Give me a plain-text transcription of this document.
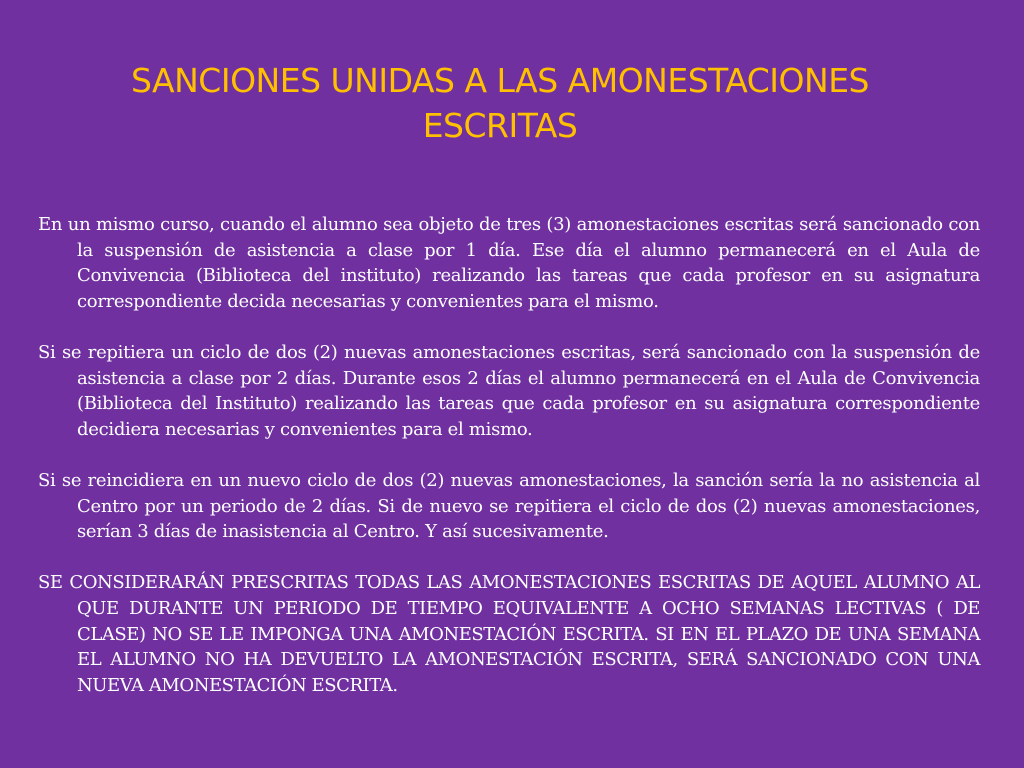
SANCIONES UNIDAS A LAS AMONESTACIONES
ESCRITAS

En un mismo curso, cuando el alumno sea objeto de tres (3) amonestaciones escritas será sancionado con la suspensión de asistencia a clase por 1 día. Ese día el alumno permanecerá en el Aula de Convivencia (Biblioteca del instituto) realizando las tareas que cada profesor en su asignatura correspondiente decida necesarias y convenientes para el mismo.

Si se repitiera un ciclo de dos (2) nuevas amonestaciones escritas, será sancionado con la suspensión de asistencia a clase por 2 días. Durante esos 2 días el alumno permanecerá en el Aula de Convivencia (Biblioteca del Instituto) realizando las tareas que cada profesor en su asignatura correspondiente decidiera necesarias y convenientes para el mismo.

Si se reincidiera en un nuevo ciclo de dos (2) nuevas amonestaciones, la sanción sería la no asistencia al Centro por un periodo de 2 días. Si de nuevo se repitiera el ciclo de dos (2) nuevas amonestaciones, serían 3 días de inasistencia al Centro. Y así sucesivamente.

SE CONSIDERARÁN PRESCRITAS TODAS LAS AMONESTACIONES ESCRITAS DE AQUEL ALUMNO AL QUE DURANTE UN PERIODO DE TIEMPO EQUIVALENTE A OCHO SEMANAS LECTIVAS ( DE CLASE) NO SE LE IMPONGA UNA AMONESTACIÓN ESCRITA. SI EN EL PLAZO DE UNA SEMANA EL ALUMNO NO HA DEVUELTO LA AMONESTACIÓN ESCRITA, SERÁ SANCIONADO CON UNA NUEVA AMONESTACIÓN ESCRITA.
